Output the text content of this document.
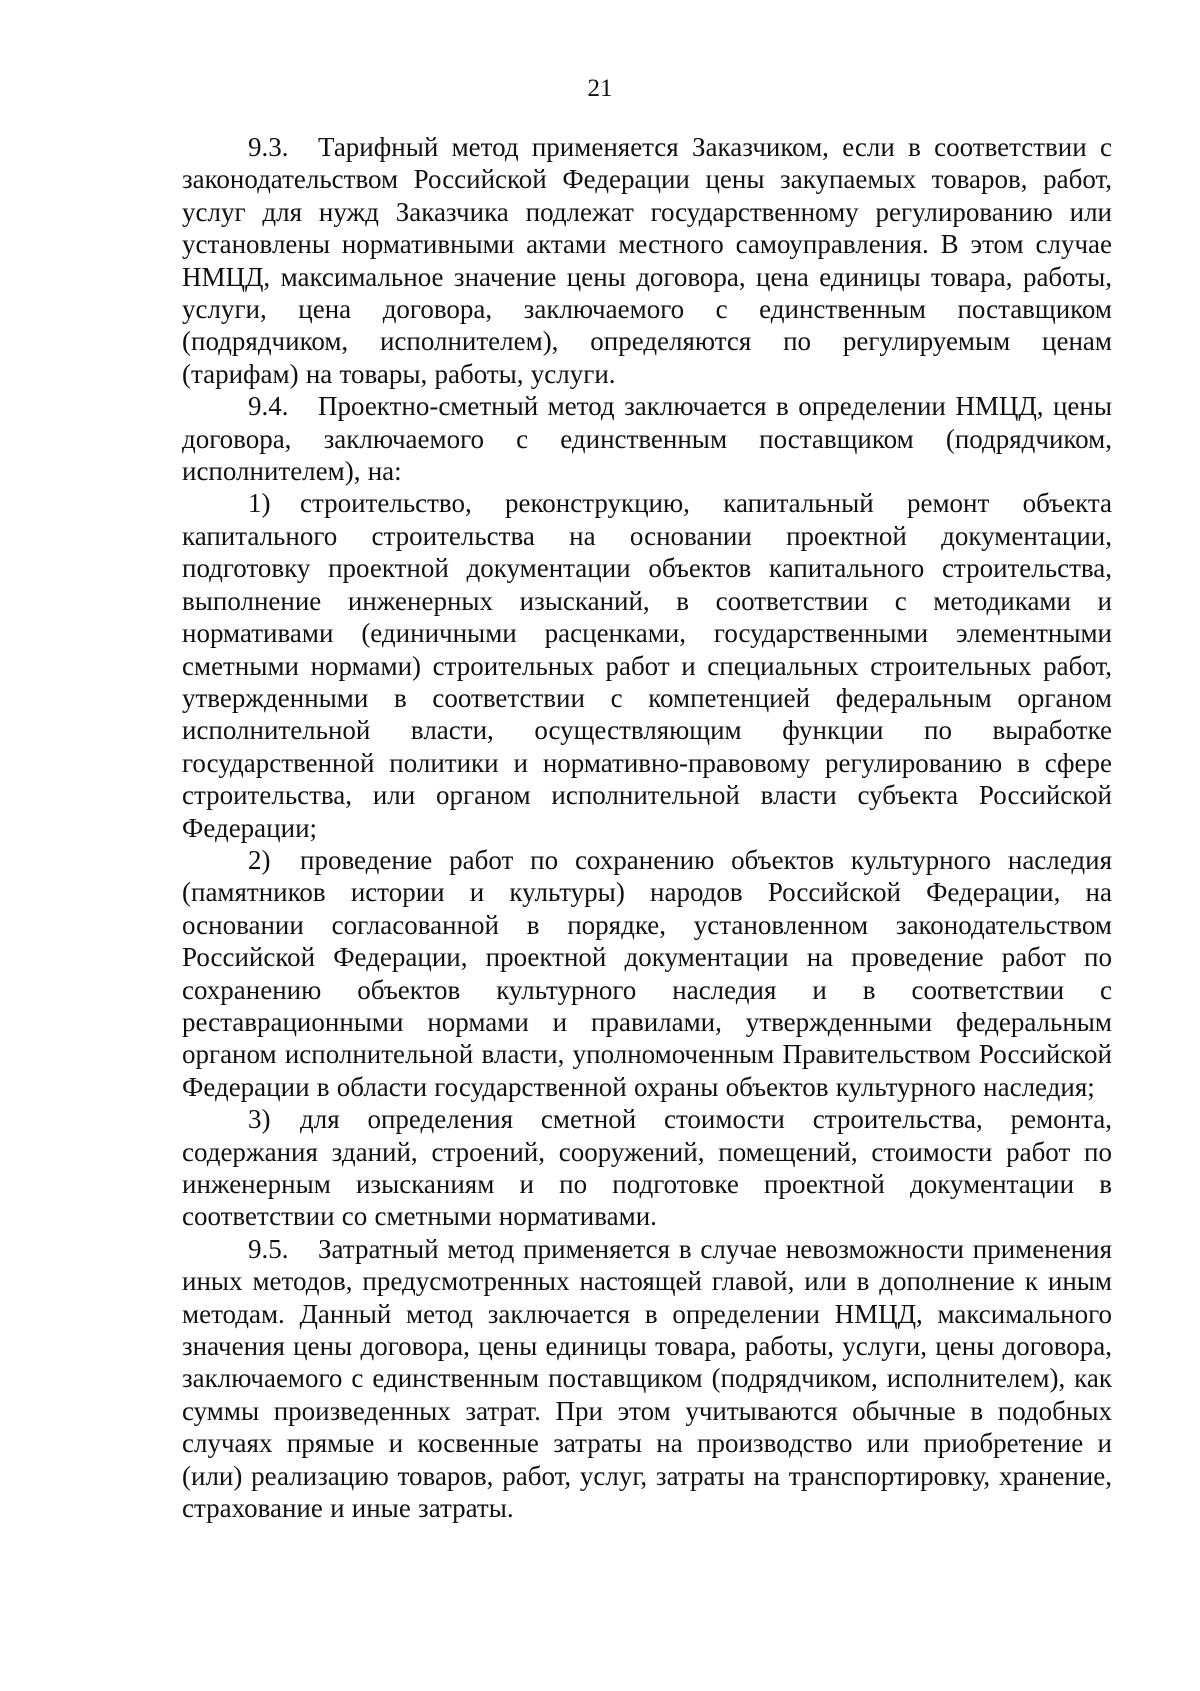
21

9.3. Тарифный метод применяется Заказчиком, если в соответствии с законодательством Российской Федерации цены закупаемых товаров, работ, услуг для нужд Заказчика подлежат государственному регулированию или установлены нормативными актами местного самоуправления. В этом случае НМЦД, максимальное значение цены договора, цена единицы товара, работы, услуги, цена договора, заключаемого с единственным поставщиком (подрядчиком, исполнителем), определяются по регулируемым ценам (тарифам) на товары, работы, услуги.

9.4. Проектно-сметный метод заключается в определении НМЦД, цены договора, заключаемого с единственным поставщиком (подрядчиком, исполнителем), на:

1) строительство, реконструкцию, капитальный ремонт объекта капитального строительства на основании проектной документации, подготовку проектной документации объектов капитального строительства, выполнение инженерных изысканий, в соответствии с методиками и нормативами (единичными расценками, государственными элементными сметными нормами) строительных работ и специальных строительных работ, утвержденными в соответствии с компетенцией федеральным органом исполнительной власти, осуществляющим функции по выработке государственной политики и нормативно-правовому регулированию в сфере строительства, или органом исполнительной власти субъекта Российской Федерации;

2) проведение работ по сохранению объектов культурного наследия (памятников истории и культуры) народов Российской Федерации, на основании согласованной в порядке, установленном законодательством Российской Федерации, проектной документации на проведение работ по сохранению объектов культурного наследия и в соответствии с реставрационными нормами и правилами, утвержденными федеральным органом исполнительной власти, уполномоченным Правительством Российской Федерации в области государственной охраны объектов культурного наследия;

3) для определения сметной стоимости строительства, ремонта, содержания зданий, строений, сооружений, помещений, стоимости работ по инженерным изысканиям и по подготовке проектной документации в соответствии со сметными нормативами.

9.5. Затратный метод применяется в случае невозможности применения иных методов, предусмотренных настоящей главой, или в дополнение к иным методам. Данный метод заключается в определении НМЦД, максимального значения цены договора, цены единицы товара, работы, услуги, цены договора, заключаемого с единственным поставщиком (подрядчиком, исполнителем), как суммы произведенных затрат. При этом учитываются обычные в подобных случаях прямые и косвенные затраты на производство или приобретение и (или) реализацию товаров, работ, услуг, затраты на транспортировку, хранение, страхование и иные затраты.
